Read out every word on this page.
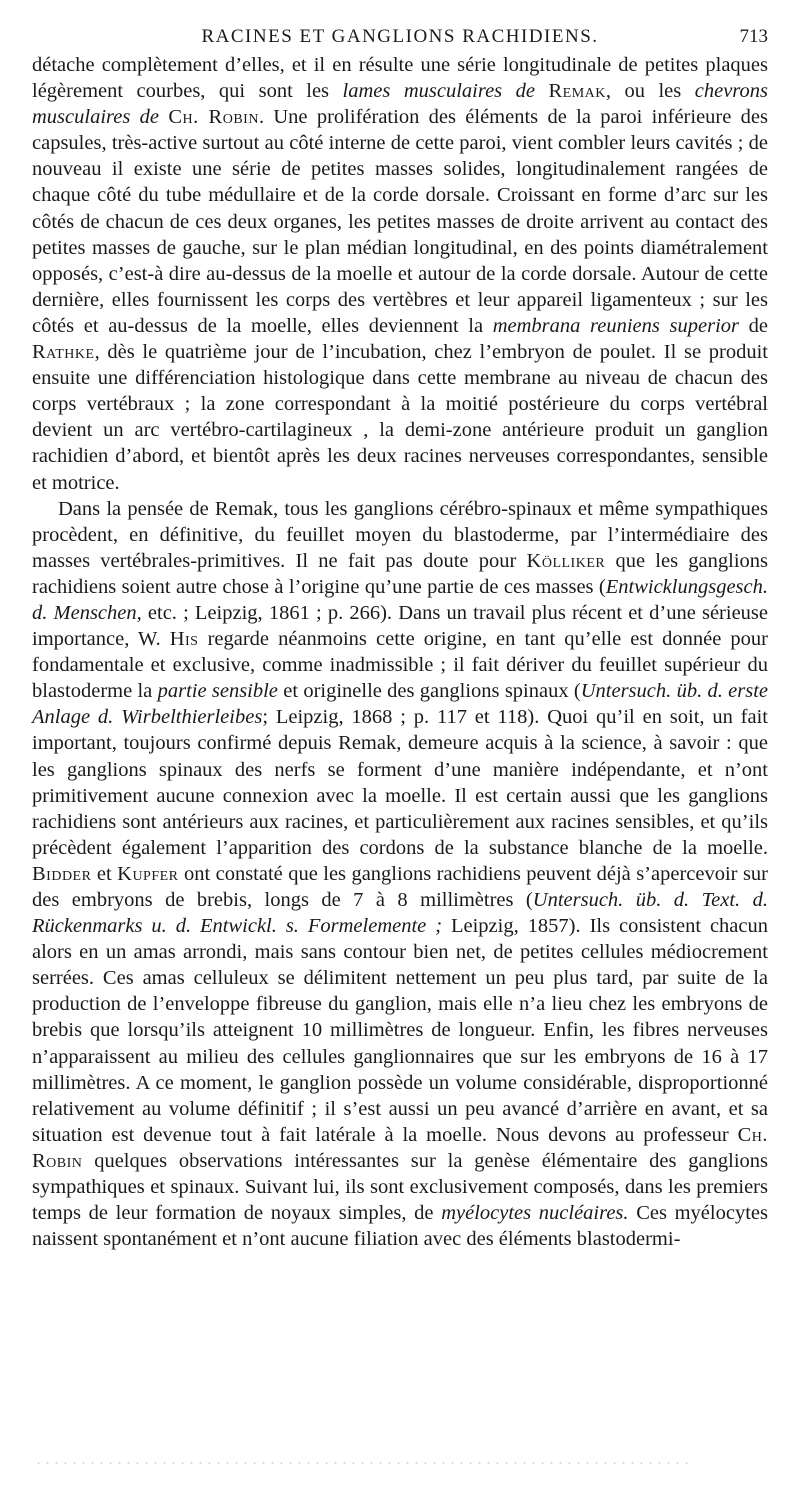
RACINES ET GANGLIONS RACHIDIENS.	713

détache complètement d’elles, et il en résulte une série longitudinale de petites plaques légèrement courbes, qui sont les lames musculaires de Remak, ou les chevrons musculaires de Ch. Robin. Une prolifération des éléments de la paroi inférieure des capsules, très-active surtout au côté interne de cette paroi, vient combler leurs cavités ; de nouveau il existe une série de petites masses solides, longitudinalement rangées de chaque côté du tube médullaire et de la corde dorsale. Croissant en forme d’arc sur les côtés de chacun de ces deux organes, les petites masses de droite arrivent au contact des petites masses de gauche, sur le plan médian longitudinal, en des points diamétralement opposés, c’est-à dire au-dessus de la moelle et autour de la corde dorsale. Autour de cette dernière, elles fournissent les corps des vertèbres et leur appareil ligamenteux ; sur les côtés et au-dessus de la moelle, elles deviennent la membrana reuniens superior de Rathke, dès le quatrième jour de l’incubation, chez l’embryon de poulet. Il se produit ensuite une différenciation histologique dans cette membrane au niveau de chacun des corps vertébraux ; la zone correspondant à la moitié postérieure du corps vertébral devient un arc vertébro-cartilagineux , la demi-zone antérieure produit un ganglion rachidien d’abord, et bientôt après les deux racines nerveuses correspondantes, sensible et motrice.

Dans la pensée de Remak, tous les ganglions cérébro-spinaux et même sympathiques procèdent, en définitive, du feuillet moyen du blastoderme, par l’intermédiaire des masses vertébrales-primitives. Il ne fait pas doute pour Kölliker que les ganglions rachidiens soient autre chose à l’origine qu’une partie de ces masses (Entwicklungsgesch. d. Menschen, etc. ; Leipzig, 1861 ; p. 266). Dans un travail plus récent et d’une sérieuse importance, W. His regarde néanmoins cette origine, en tant qu’elle est donnée pour fondamentale et exclusive, comme inadmissible ; il fait dériver du feuillet supérieur du blastoderme la partie sensible et originelle des ganglions spinaux (Untersuch. üb. d. erste Anlage d. Wirbelthierleibes; Leipzig, 1868 ; p. 117 et 118). Quoi qu’il en soit, un fait important, toujours confirmé depuis Remak, demeure acquis à la science, à savoir : que les ganglions spinaux des nerfs se forment d’une manière indépendante, et n’ont primitivement aucune connexion avec la moelle. Il est certain aussi que les ganglions rachidiens sont antérieurs aux racines, et particulièrement aux racines sensibles, et qu’ils précèdent également l’apparition des cordons de la substance blanche de la moelle. Bidder et Kupfer ont constaté que les ganglions rachidiens peuvent déjà s’apercevoir sur des embryons de brebis, longs de 7 à 8 millimètres (Untersuch. üb. d. Text. d. Rückenmarks u. d. Entwickl. s. Formelemente ; Leipzig, 1857). Ils consistent chacun alors en un amas arrondi, mais sans contour bien net, de petites cellules médiocrement serrées. Ces amas celluleux se délimitent nettement un peu plus tard, par suite de la production de l’enveloppe fibreuse du ganglion, mais elle n’a lieu chez les embryons de brebis que lorsqu’ils atteignent 10 millimètres de longueur. Enfin, les fibres nerveuses n’apparaissent au milieu des cellules ganglionnaires que sur les embryons de 16 à 17 millimètres. A ce moment, le ganglion possède un volume considérable, disproportionné relativement au volume définitif ; il s’est aussi un peu avancé d’arrière en avant, et sa situation est devenue tout à fait latérale à la moelle. Nous devons au professeur Ch. Robin quelques observations intéressantes sur la genèse élémentaire des ganglions sympathiques et spinaux. Suivant lui, ils sont exclusivement composés, dans les premiers temps de leur formation de noyaux simples, de myélocytes nucléaires. Ces myélocytes naissent spontanément et n’ont aucune filiation avec des éléments blastodermi-
